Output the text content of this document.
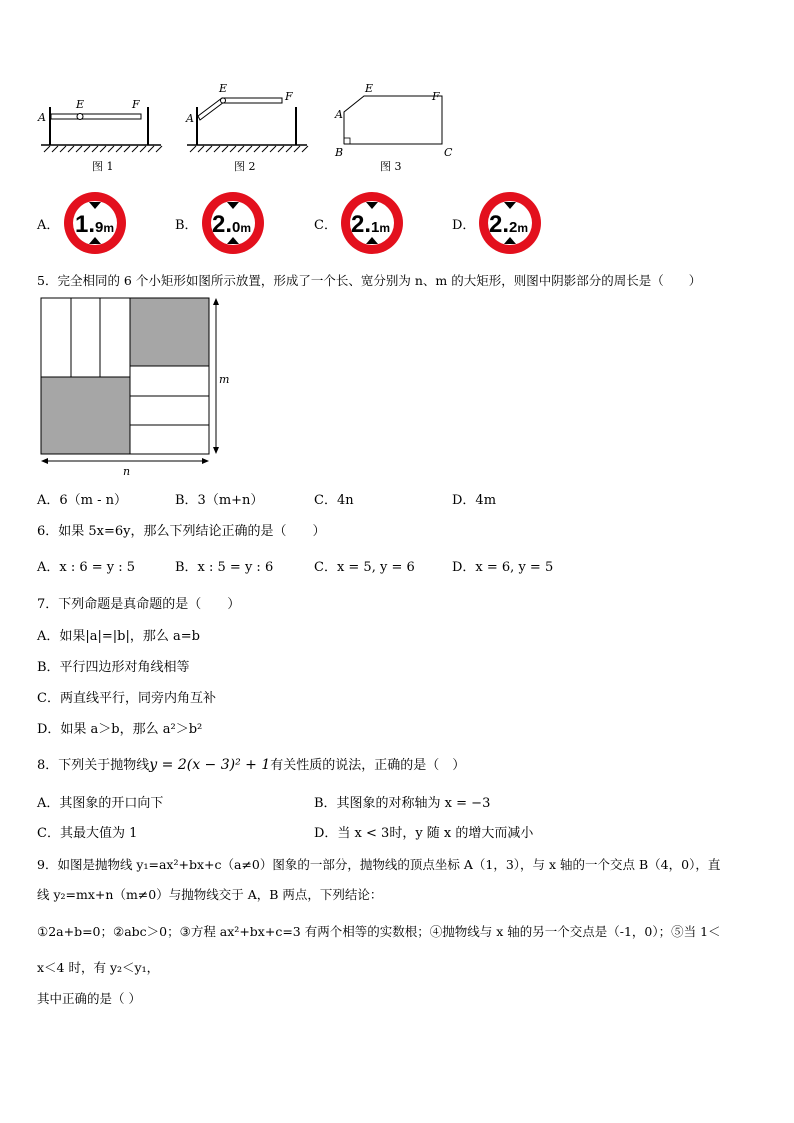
A
E	F
图 1
A
E
F
图 2
A
E
F
B	C
图 3
A． 1.9m	B． 2.0m	C． 2.1m	D． 2.2m
5．完全相同的 6 个小矩形如图所示放置，形成了一个长、宽分别为 n、m 的大矩形，则图中阴影部分的周长是（　　）
m
n
A．6（m - n）	B．3（m+n）	C．4n	D．4m
6．如果 5x=6y，那么下列结论正确的是（　　）
A．x : 6 = y : 5	B．x : 5 = y : 6	C．x = 5, y = 6	D．x = 6, y = 5
7．下列命题是真命题的是（　　）
A．如果|a|=|b|，那么 a=b
B．平行四边形对角线相等
C．两直线平行，同旁内角互补
D．如果 a＞b，那么 a²＞b²
8．下列关于抛物线y = 2(x − 3)² + 1有关性质的说法，正确的是（　）
A．其图象的开口向下	B．其图象的对称轴为 x = −3
C．其最大值为 1	D．当 x < 3时，y 随 x 的增大而减小
9．如图是抛物线 y₁=ax²+bx+c（a≠0）图象的一部分，抛物线的顶点坐标 A（1，3），与 x 轴的一个交点 B（4，0），直
线 y₂=mx+n（m≠0）与抛物线交于 A，B 两点，下列结论：
①2a+b=0；②abc＞0；③方程 ax²+bx+c=3 有两个相等的实数根；④抛物线与 x 轴的另一个交点是（-1，0）；⑤当 1＜
x＜4 时，有 y₂＜y₁，
其中正确的是（ ）
